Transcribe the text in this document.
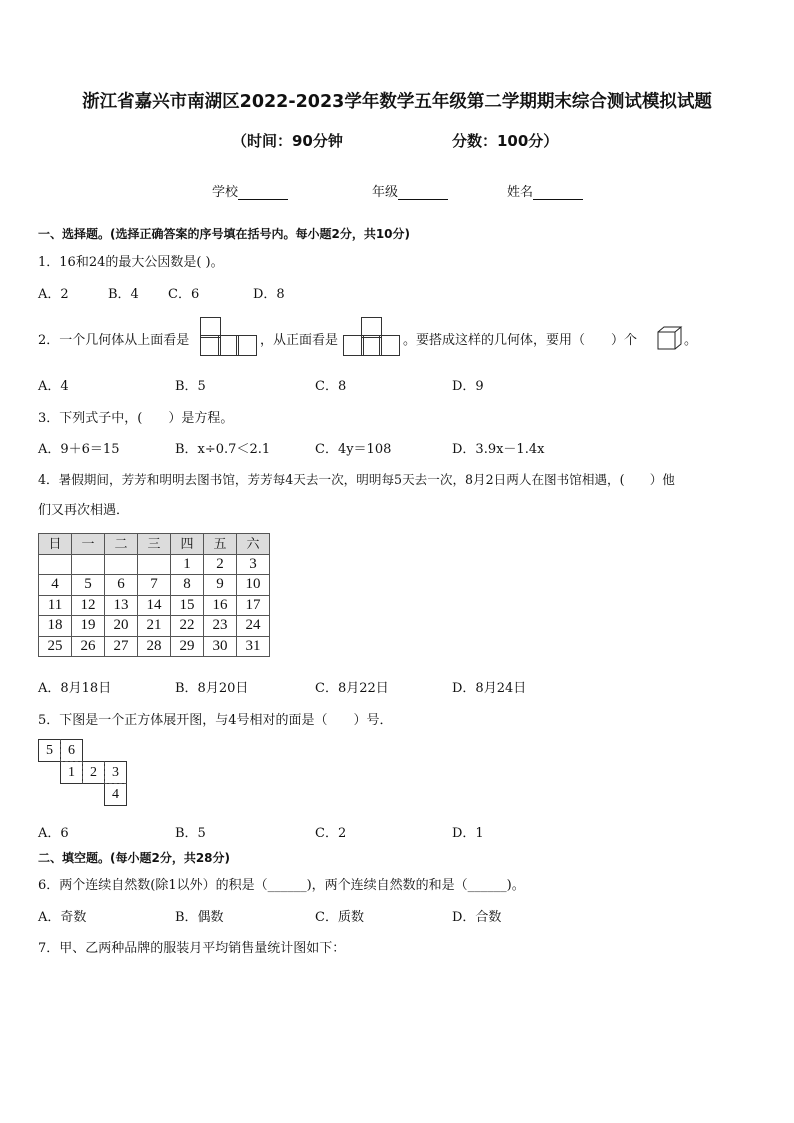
浙江省嘉兴市南湖区2022-2023学年数学五年级第二学期期末综合测试模拟试题
（时间：90分钟	分数：100分）
学校	年级	姓名
一、选择题。(选择正确答案的序号填在括号内。每小题2分，共10分)
1．16和24的最大公因数是( )。
A．2	B．4 C．6	D．8
2．一个几何体从上面看是	，从正面看是	。要搭成这样的几何体，要用（　　）个	。
A．4	B．5	C．8	D．9
3．下列式子中，(　　）是方程。
A．9＋6＝15	B．x÷0.7＜2.1	C．4y＝108	D．3.9x－1.4x
4．暑假期间，芳芳和明明去图书馆，芳芳每4天去一次，明明每5天去一次，8月2日两人在图书馆相遇，(　　）他
们又再次相遇．
日	一	二	三	四	五	六
				1	2	3
4	5	6	7	8	9	10
11	12	13	14	15	16	17
18	19	20	21	22	23	24
25	26	27	28	29	30	31
A．8月18日	B．8月20日	C．8月22日	D．8月24日
5．下图是一个正方体展开图，与4号相对的面是（　　）号．
5	6
1	2	3
4
A．6	B．5	C．2	D．1
二、填空题。(每小题2分，共28分)
6．两个连续自然数(除1以外）的积是（______)，两个连续自然数的和是（______)。
A．奇数	B．偶数	C．质数	D．合数
7．甲、乙两种品牌的服装月平均销售量统计图如下：
